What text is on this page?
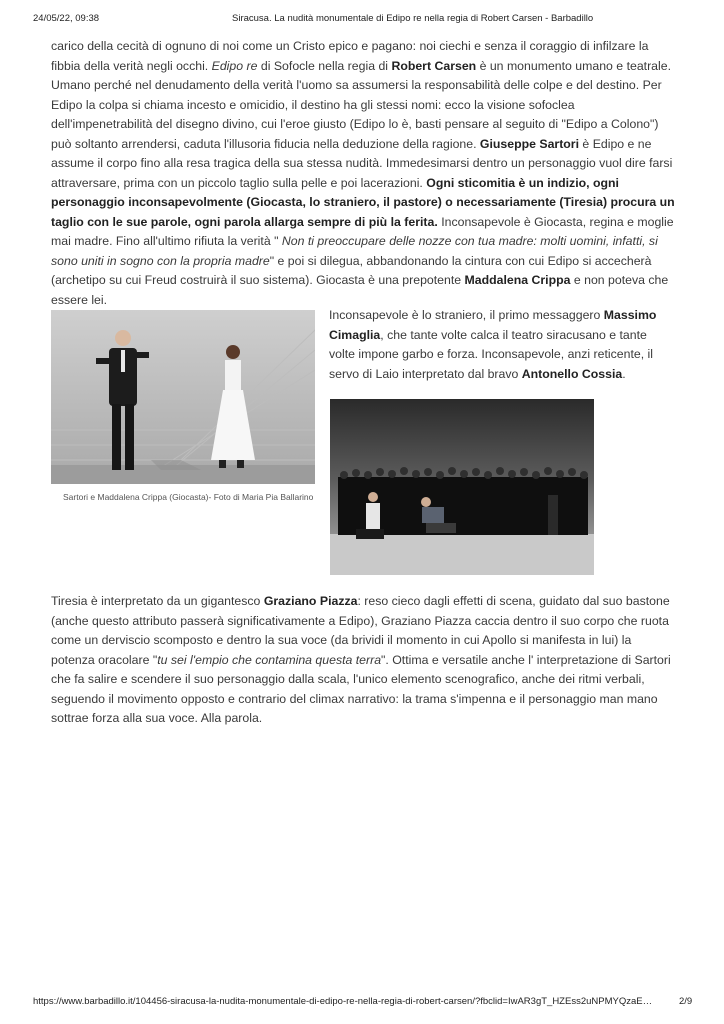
24/05/22, 09:38	Siracusa. La nudità monumentale di Edipo re nella regia di Robert Carsen - Barbadillo

carico della cecità di ognuno di noi come un Cristo epico e pagano: noi ciechi e senza il coraggio di infilzare la fibbia della verità negli occhi. Edipo re di Sofocle nella regia di Robert Carsen è un monumento umano e teatrale. Umano perché nel denudamento della verità l'uomo sa assumersi la responsabilità delle colpe e del destino. Per Edipo la colpa si chiama incesto e omicidio, il destino ha gli stessi nomi: ecco la visione sofoclea dell'impenetrabilità del disegno divino, cui l'eroe giusto (Edipo lo è, basti pensare al seguito di "Edipo a Colono") può soltanto arrendersi, caduta l'illusoria fiducia nella deduzione della ragione. Giuseppe Sartori è Edipo e ne assume il corpo fino alla resa tragica della sua stessa nudità. Immedesimarsi dentro un personaggio vuol dire farsi attraversare, prima con un piccolo taglio sulla pelle e poi lacerazioni. Ogni sticomitia è un indizio, ogni personaggio inconsapevolmente (Giocasta, lo straniero, il pastore) o necessariamente (Tiresia) procura un taglio con le sue parole, ogni parola allarga sempre di più la ferita. Inconsapevole è Giocasta, regina e moglie mai madre. Fino all'ultimo rifiuta la verità " Non ti preoccupare delle nozze con tua madre: molti uomini, infatti, si sono uniti in sogno con la propria madre" e poi si dilegua, abbandonando la cintura con cui Edipo si accecherà (archetipo su cui Freud costruirà il suo sistema). Giocasta è una prepotente Maddalena Crippa e non poteva che essere lei.

Sartori e Maddalena Crippa (Giocasta)- Foto di Maria Pia Ballarino

Inconsapevole è lo straniero, il primo messaggero Massimo Cimaglia, che tante volte calca il teatro siracusano e tante volte impone garbo e forza. Inconsapevole, anzi reticente, il servo di Laio interpretato dal bravo Antonello Cossia.

Tiresia è interpretato da un gigantesco Graziano Piazza: reso cieco dagli effetti di scena, guidato dal suo bastone (anche questo attributo passerà significativamente a Edipo), Graziano Piazza caccia dentro il suo corpo che ruota come un derviscio scomposto e dentro la sua voce (da brividi il momento in cui Apollo si manifesta in lui) la potenza oracolare "tu sei l'empio che contamina questa terra". Ottima e versatile anche l' interpretazione di Sartori che fa salire e scendere il suo personaggio dalla scala, l'unico elemento scenografico, anche dei ritmi verbali, seguendo il movimento opposto e contrario del climax narrativo: la trama s'impenna e il personaggio man mano sottrae forza alla sua voce. Alla parola.

https://www.barbadillo.it/104456-siracusa-la-nudita-monumentale-di-edipo-re-nella-regia-di-robert-carsen/?fbclid=IwAR3gT_HZEss2uNPMYQzaE…	2/9
